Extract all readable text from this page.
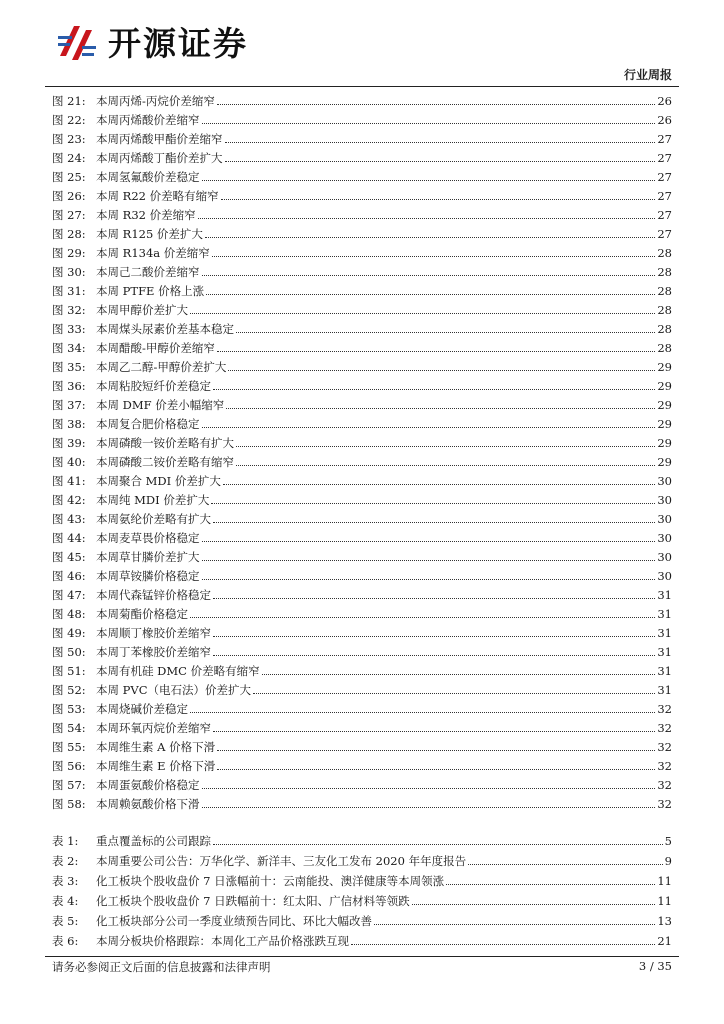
开源证券
行业周报
图 21: 本周丙烯-丙烷价差缩窄	26
图 22: 本周丙烯酸价差缩窄	26
图 23: 本周丙烯酸甲酯价差缩窄	27
图 24: 本周丙烯酸丁酯价差扩大	27
图 25: 本周氢氟酸价差稳定	27
图 26: 本周 R22 价差略有缩窄	27
图 27: 本周 R32 价差缩窄	27
图 28: 本周 R125 价差扩大	27
图 29: 本周 R134a 价差缩窄	28
图 30: 本周己二酸价差缩窄	28
图 31: 本周 PTFE 价格上涨	28
图 32: 本周甲醇价差扩大	28
图 33: 本周煤头尿素价差基本稳定	28
图 34: 本周醋酸-甲醇价差缩窄	28
图 35: 本周乙二醇-甲醇价差扩大	29
图 36: 本周粘胶短纤价差稳定	29
图 37: 本周 DMF 价差小幅缩窄	29
图 38: 本周复合肥价格稳定	29
图 39: 本周磷酸一铵价差略有扩大	29
图 40: 本周磷酸二铵价差略有缩窄	29
图 41: 本周聚合 MDI 价差扩大	30
图 42: 本周纯 MDI 价差扩大	30
图 43: 本周氨纶价差略有扩大	30
图 44: 本周麦草畏价格稳定	30
图 45: 本周草甘膦价差扩大	30
图 46: 本周草铵膦价格稳定	30
图 47: 本周代森锰锌价格稳定	31
图 48: 本周菊酯价格稳定	31
图 49: 本周顺丁橡胶价差缩窄	31
图 50: 本周丁苯橡胶价差缩窄	31
图 51: 本周有机硅 DMC 价差略有缩窄	31
图 52: 本周 PVC（电石法）价差扩大	31
图 53: 本周烧碱价差稳定	32
图 54: 本周环氧丙烷价差缩窄	32
图 55: 本周维生素 A 价格下滑	32
图 56: 本周维生素 E 价格下滑	32
图 57: 本周蛋氨酸价格稳定	32
图 58: 本周赖氨酸价格下滑	32
表 1:	重点覆盖标的公司跟踪	5
表 2:	本周重要公司公告：万华化学、新洋丰、三友化工发布 2020 年年度报告	9
表 3:	化工板块个股收盘价 7 日涨幅前十：云南能投、澳洋健康等本周领涨	11
表 4:	化工板块个股收盘价 7 日跌幅前十：红太阳、广信材料等领跌	11
表 5:	化工板块部分公司一季度业绩预告同比、环比大幅改善	13
表 6:	本周分板块价格跟踪：本周化工产品价格涨跌互现	21
请务必参阅正文后面的信息披露和法律声明	3 / 35
